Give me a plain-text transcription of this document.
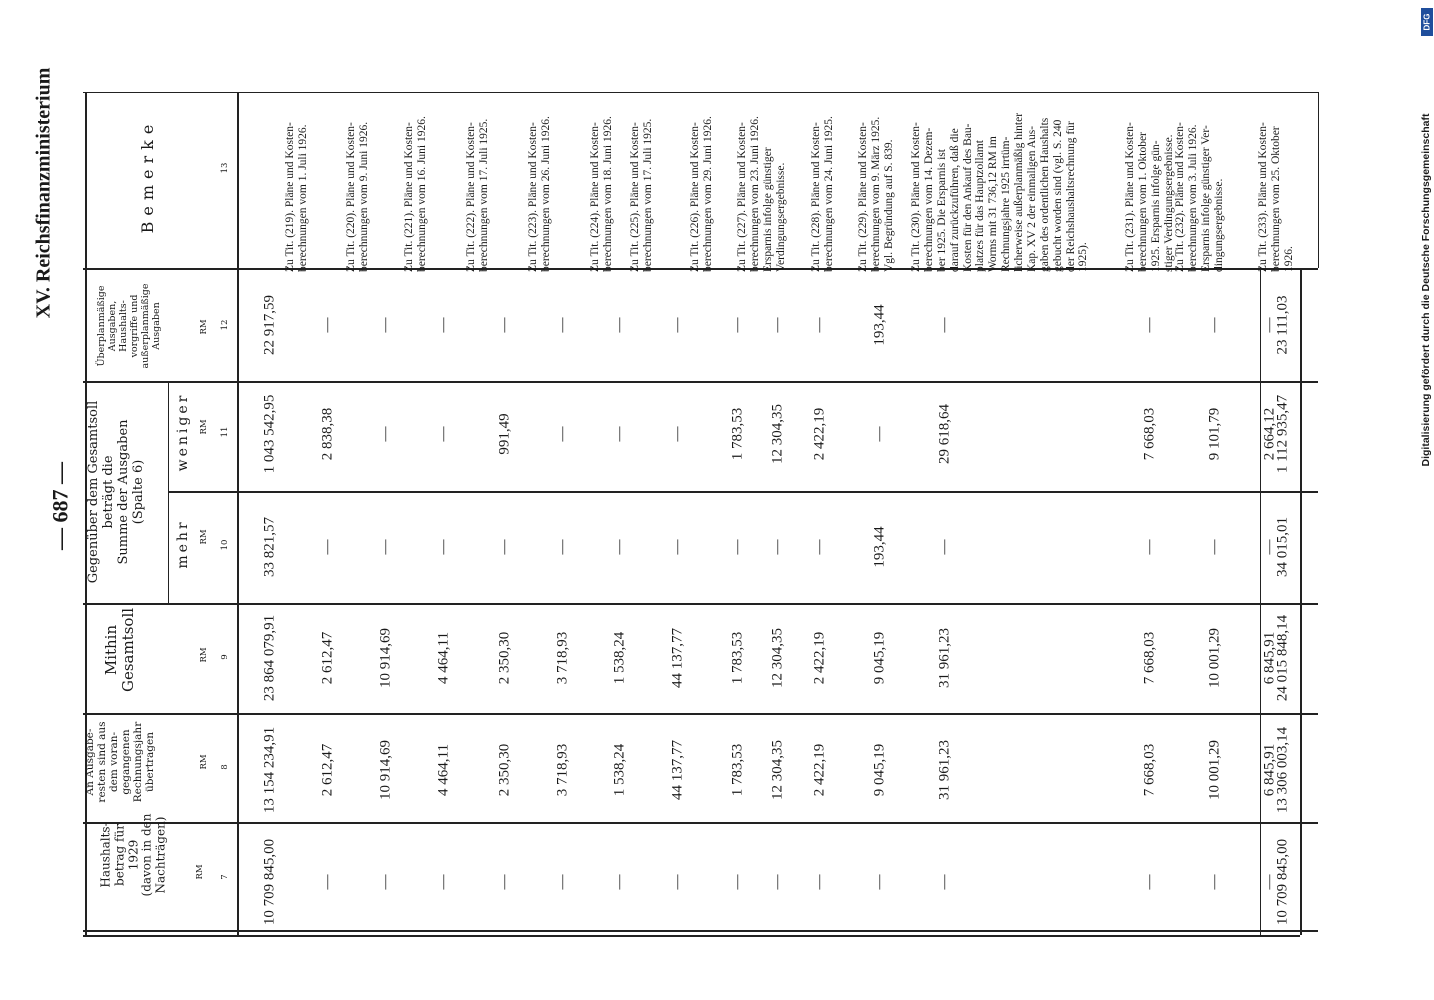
— 687 —
XV. Reichsfinanzministerium	Digitalisierung gefördert durch die Deutsche Forschungsgemeinschaft
DFG
Haushalts-
betrag für
1929
(davon in den
Nachträgen)
An Ausgabe-
resten sind aus
dem voran-
gegangenen
Rechnungsjahr
übertragen
Mithin
Gesamtsoll
Gegenüber dem Gesamtsoll
beträgt die
Summe der Ausgaben
(Spalte 6)
mehr
weniger
Überplanmäßige
Ausgaben,
Haushalts-
vorgriffe und
außerplanmäßige
Ausgaben
Bemerke
RM
RM
RM
RM
RM
RM
7
8
9
10
11
12
13
10 709 845,00
13 154 234,91
23 864 079,91
33 821,57
1 043 542,95
22 917,59
Zu Tit. (219). Pläne und Kosten-
berechnungen vom 1. Juli 1926.
—
2 612,47
2 612,47
—
2 838,38
—
Zu Tit. (220). Pläne und Kosten-
berechnungen vom 9. Juni 1926.
—
10 914,69
10 914,69
—
—
—
Zu Tit. (221). Pläne und Kosten-
berechnungen vom 16. Juni 1926.
—
4 464,11
4 464,11
—
—
—
Zu Tit. (222). Pläne und Kosten-
berechnungen vom 17. Juli 1925.
—
2 350,30
2 350,30
—
991,49
—
Zu Tit. (223). Pläne und Kosten-
berechnungen vom 26. Juni 1926.
—
3 718,93
3 718,93
—
—
—
Zu Tit. (224). Pläne und Kosten-
berechnungen vom 18. Juni 1926.
—
1 538,24
1 538,24
—
—
—
Zu Tit. (225). Pläne und Kosten-
berechnungen vom 17. Juli 1925.
—
44 137,77
44 137,77
—
—
—
Zu Tit. (226). Pläne und Kosten-
berechnungen vom 29. Juni 1926.
—
1 783,53
1 783,53
—
1 783,53
—
Zu Tit. (227). Pläne und Kosten-
berechnungen vom 23. Juni 1926.
Ersparnis infolge günstiger
Verdingungsergebnisse.
—
12 304,35
12 304,35
—
12 304,35
—
—
2 422,19
2 422,19
—
2 422,19
—
Zu Tit. (228). Pläne und Kosten-
berechnungen vom 24. Juni 1925.
—
9 045,19
9 045,19
193,44
—
193,44
Zu Tit. (229). Pläne und Kosten-
berechnungen vom 9. März 1925.
Vgl. Begründung auf S. 839.
—
31 961,23
31 961,23
—
29 618,64
—
Zu Tit. (230). Pläne und Kosten-
berechnungen vom 14. Dezem-
ber 1925. Die Ersparnis ist
darauf zurückzuführen, daß die
Kosten für den Ankauf des Bau-
platzes für das Hauptzollamt
Worms mit 31 736,12 RM im
Rechnungsjahre 1925 irrtüm-
licherweise außerplanmäßig hinter
Kap. XV 2 der einmaligen Aus-
gaben des ordentlichen Haushalts
gebucht worden sind (vgl. S. 240
der Reichshaushaltsrechnung für
1925).
—
7 668,03
7 668,03
—
7 668,03
—
Zu Tit. (231). Pläne und Kosten-
berechnungen vom 1. Oktober
1925. Ersparnis infolge gün-
stiger Verdingungsergebnisse.
—
10 001,29
10 001,29
—
9 101,79
—
Zu Tit. (232). Pläne und Kosten-
berechnungen vom 3. Juli 1926.
Ersparnis infolge günstiger Ver-
dingungsergebnisse.
—
6 845,91
6 845,91
—
2 664,12
—
Zu Tit. (233). Pläne und Kosten-
berechnungen vom 25. Oktober
1926.
10 709 845,00
13 306 003,14
24 015 848,14
34 015,01
1 112 935,47
23 111,03
